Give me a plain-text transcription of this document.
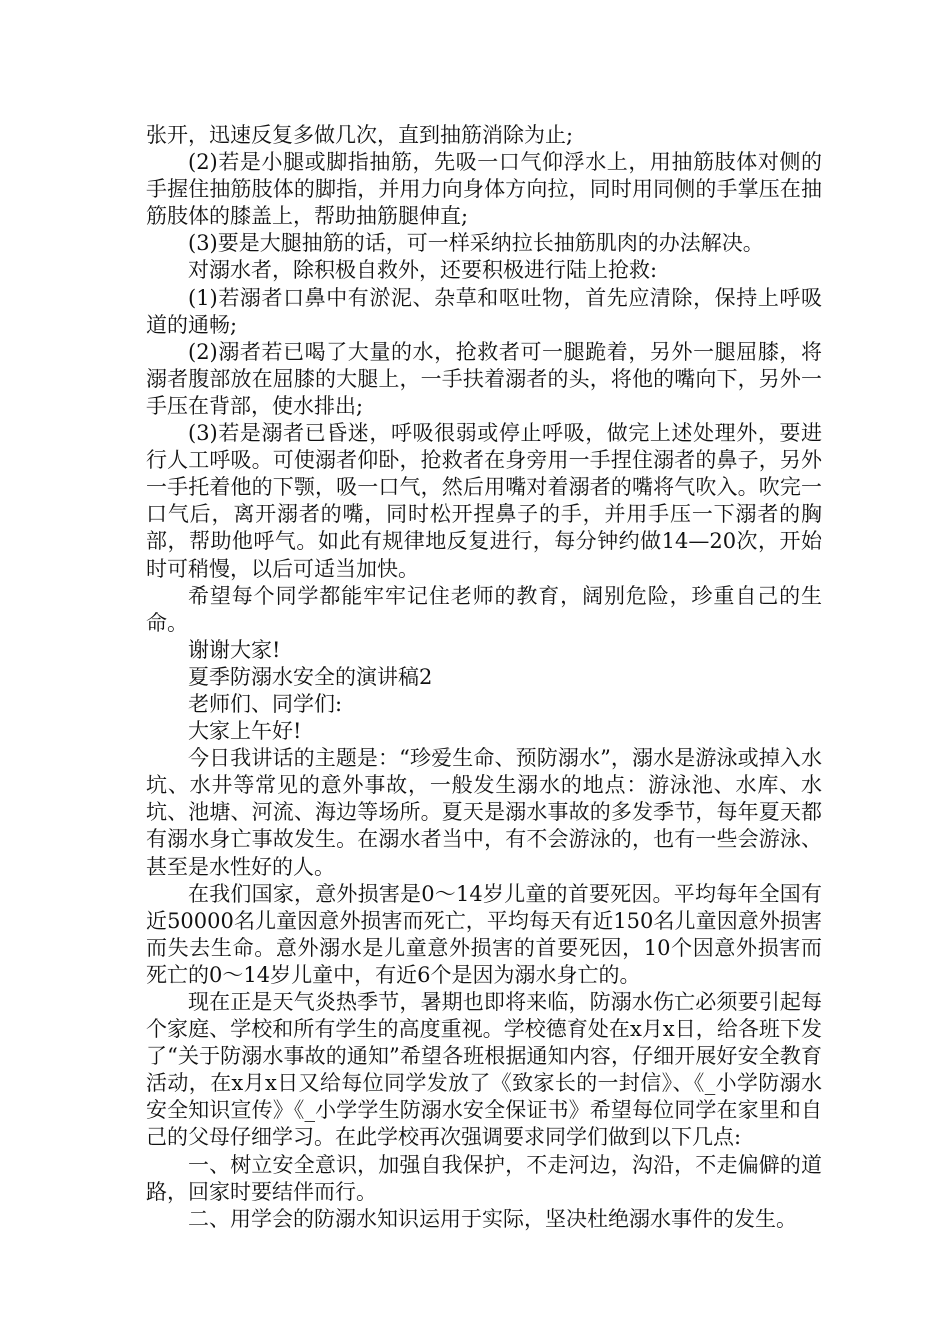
张开，迅速反复多做几次，直到抽筋消除为止;

(2)若是小腿或脚指抽筋，先吸一口气仰浮水上，用抽筋肢体对侧的手握住抽筋肢体的脚指，并用力向身体方向拉，同时用同侧的手掌压在抽筋肢体的膝盖上，帮助抽筋腿伸直;

(3)要是大腿抽筋的话，可一样采纳拉长抽筋肌肉的办法解决。

对溺水者，除积极自救外，还要积极进行陆上抢救:

(1)若溺者口鼻中有淤泥、杂草和呕吐物，首先应清除，保持上呼吸道的通畅;

(2)溺者若已喝了大量的水，抢救者可一腿跪着，另外一腿屈膝，将溺者腹部放在屈膝的大腿上，一手扶着溺者的头，将他的嘴向下，另外一手压在背部，使水排出;

(3)若是溺者已昏迷，呼吸很弱或停止呼吸，做完上述处理外，要进行人工呼吸。可使溺者仰卧，抢救者在身旁用一手捏住溺者的鼻子，另外一手托着他的下颚，吸一口气，然后用嘴对着溺者的嘴将气吹入。吹完一口气后，离开溺者的嘴，同时松开捏鼻子的手，并用手压一下溺者的胸部，帮助他呼气。如此有规律地反复进行，每分钟约做14—20次，开始时可稍慢，以后可适当加快。

希望每个同学都能牢牢记住老师的教育，阔别危险，珍重自己的生命。

谢谢大家!

夏季防溺水安全的演讲稿2

老师们、同学们:

大家上午好!

今日我讲话的主题是：“珍爱生命、预防溺水”，溺水是游泳或掉入水坑、水井等常见的意外事故，一般发生溺水的地点：游泳池、水库、水坑、池塘、河流、海边等场所。夏天是溺水事故的多发季节，每年夏天都有溺水身亡事故发生。在溺水者当中，有不会游泳的，也有一些会游泳、甚至是水性好的人。

在我们国家，意外损害是0～14岁儿童的首要死因。平均每年全国有近50000名儿童因意外损害而死亡，平均每天有近150名儿童因意外损害而失去生命。意外溺水是儿童意外损害的首要死因，10个因意外损害而死亡的0～14岁儿童中，有近6个是因为溺水身亡的。

现在正是天气炎热季节，暑期也即将来临，防溺水伤亡必须要引起每个家庭、学校和所有学生的高度重视。学校德育处在x月x日，给各班下发了“关于防溺水事故的通知”希望各班根据通知内容，仔细开展好安全教育活动，在x月x日又给每位同学发放了《致家长的一封信》、《_小学防溺水安全知识宣传》《_小学学生防溺水安全保证书》希望每位同学在家里和自己的父母仔细学习。在此学校再次强调要求同学们做到以下几点:

一、树立安全意识，加强自我保护，不走河边，沟沿，不走偏僻的道路，回家时要结伴而行。

二、用学会的防溺水知识运用于实际，坚决杜绝溺水事件的发生。
